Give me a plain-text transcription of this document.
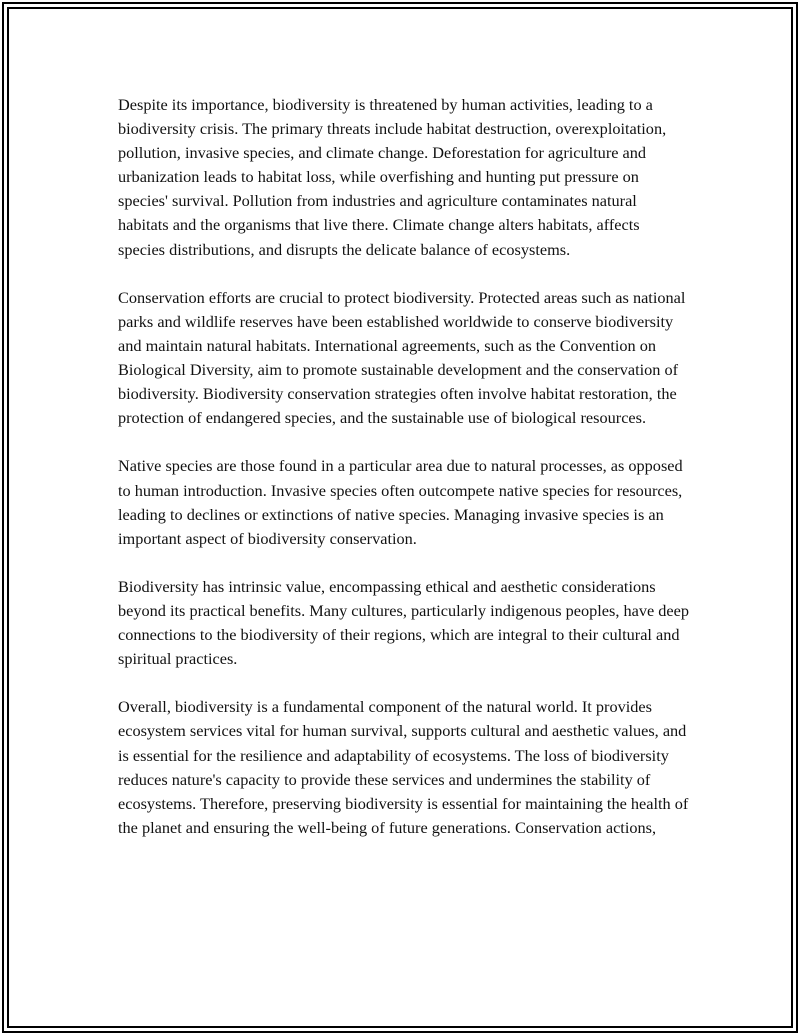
Despite its importance, biodiversity is threatened by human activities, leading to a biodiversity crisis. The primary threats include habitat destruction, overexploitation, pollution, invasive species, and climate change. Deforestation for agriculture and urbanization leads to habitat loss, while overfishing and hunting put pressure on species' survival. Pollution from industries and agriculture contaminates natural habitats and the organisms that live there. Climate change alters habitats, affects species distributions, and disrupts the delicate balance of ecosystems.

Conservation efforts are crucial to protect biodiversity. Protected areas such as national parks and wildlife reserves have been established worldwide to conserve biodiversity and maintain natural habitats. International agreements, such as the Convention on Biological Diversity, aim to promote sustainable development and the conservation of biodiversity. Biodiversity conservation strategies often involve habitat restoration, the protection of endangered species, and the sustainable use of biological resources.

Native species are those found in a particular area due to natural processes, as opposed to human introduction. Invasive species often outcompete native species for resources, leading to declines or extinctions of native species. Managing invasive species is an important aspect of biodiversity conservation.

Biodiversity has intrinsic value, encompassing ethical and aesthetic considerations beyond its practical benefits. Many cultures, particularly indigenous peoples, have deep connections to the biodiversity of their regions, which are integral to their cultural and spiritual practices.

Overall, biodiversity is a fundamental component of the natural world. It provides ecosystem services vital for human survival, supports cultural and aesthetic values, and is essential for the resilience and adaptability of ecosystems. The loss of biodiversity reduces nature's capacity to provide these services and undermines the stability of ecosystems. Therefore, preserving biodiversity is essential for maintaining the health of the planet and ensuring the well-being of future generations. Conservation actions,
